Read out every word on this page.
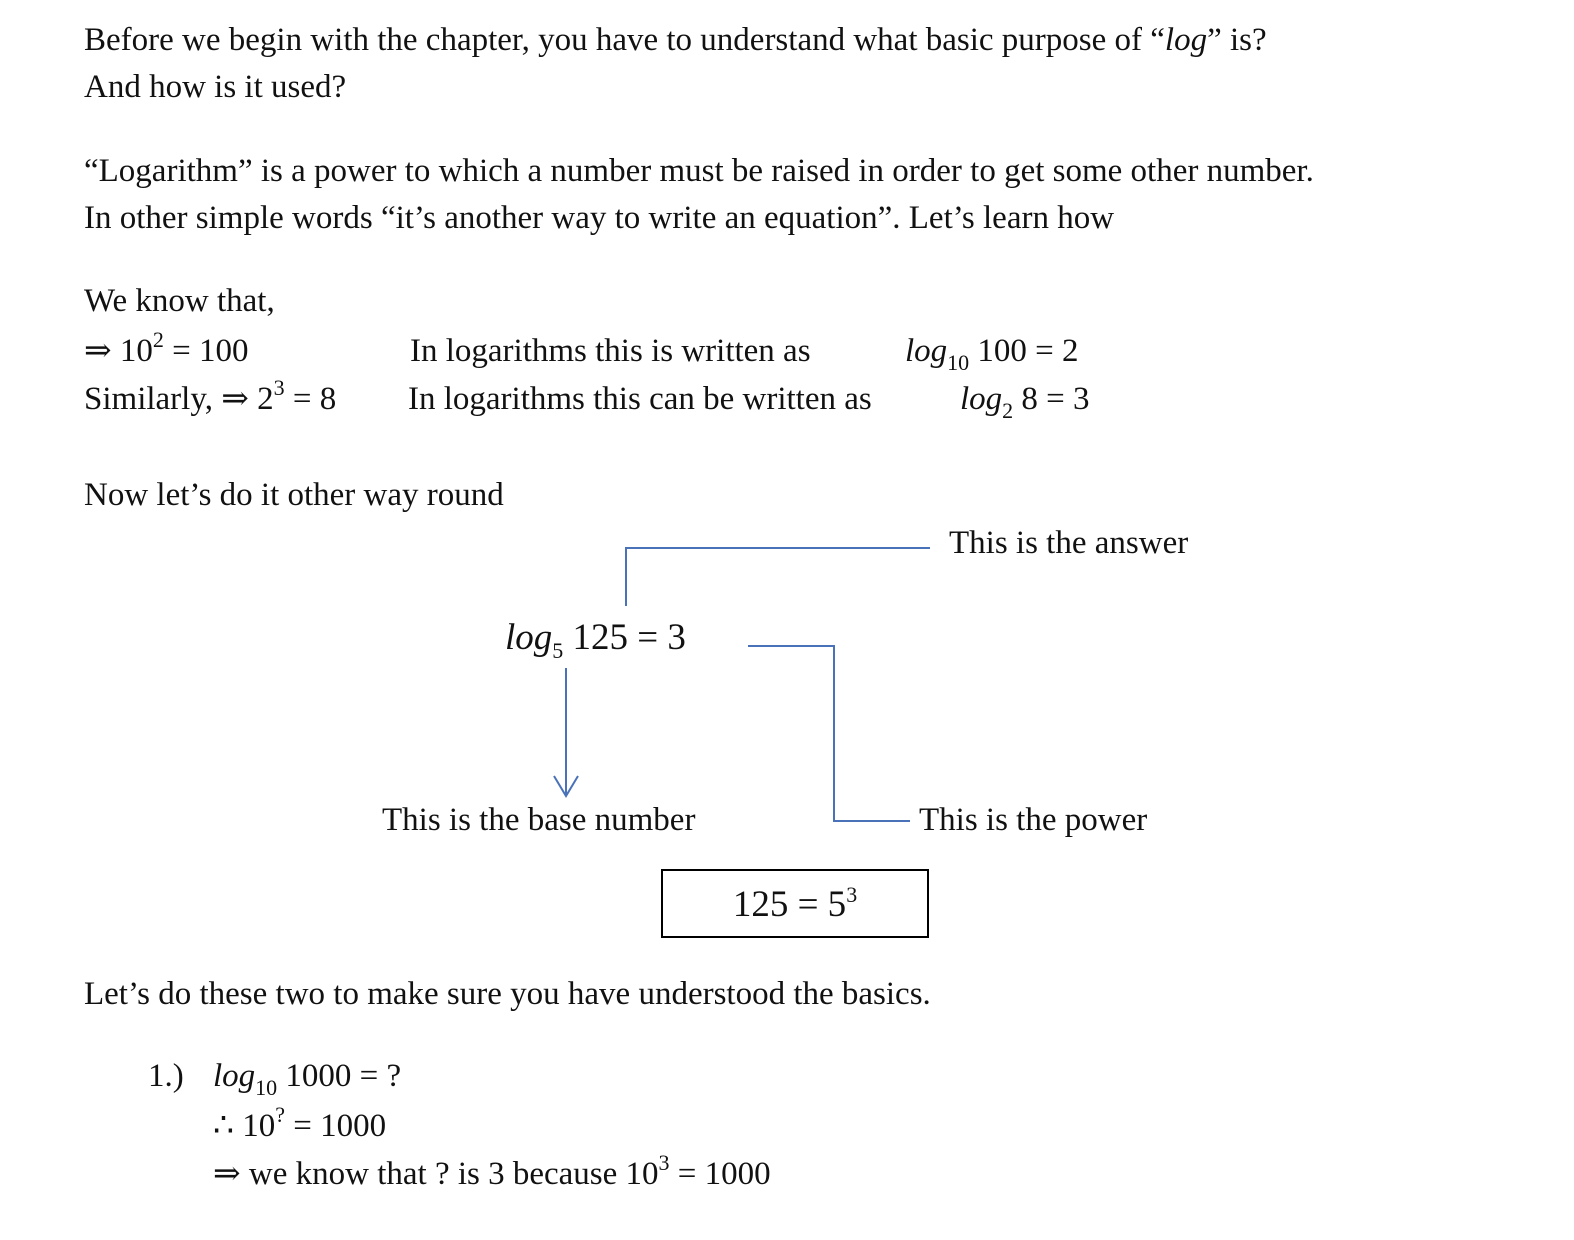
Before we begin with the chapter, you have to understand what basic purpose of “log” is?
And how is it used?
“Logarithm” is a power to which a number must be raised in order to get some other number.
In other simple words “it’s another way to write an equation”. Let’s learn how
We know that,
⇒ $10^2 = 100$	In logarithms this is written as	$\log_{10} 100 = 2$
Similarly, ⇒ $2^3 = 8$ In logarithms this can be written as	$\log_2 8 = 3$
Now let’s do it other way round
This is the answer
$\log_5 125 = 3$
This is the base number	This is the power
$125 = 5^3$
Let’s do these two to make sure you have understood the basics.
1.) $\log_{10} 1000$ = ?
∴ 10? = 1000
⇒ we know that ? is 3 because $10^3 = 1000$
